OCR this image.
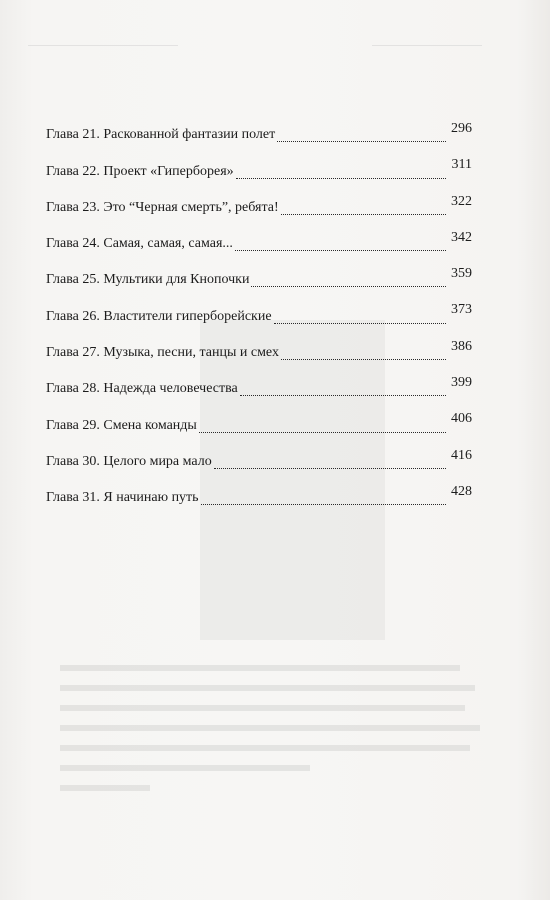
Глава 21. Раскованной фантазии полет	296
Глава 22. Проект «Гиперборея»	311
Глава 23. Это “Черная смерть”, ребята!	322
Глава 24. Самая, самая, самая...	342
Глава 25. Мультики для Кнопочки	359
Глава 26. Властители гиперборейские	373
Глава 27. Музыка, песни, танцы и смех	386
Глава 28. Надежда человечества	399
Глава 29. Смена команды	406
Глава 30. Целого мира мало	416
Глава 31. Я начинаю путь	428
